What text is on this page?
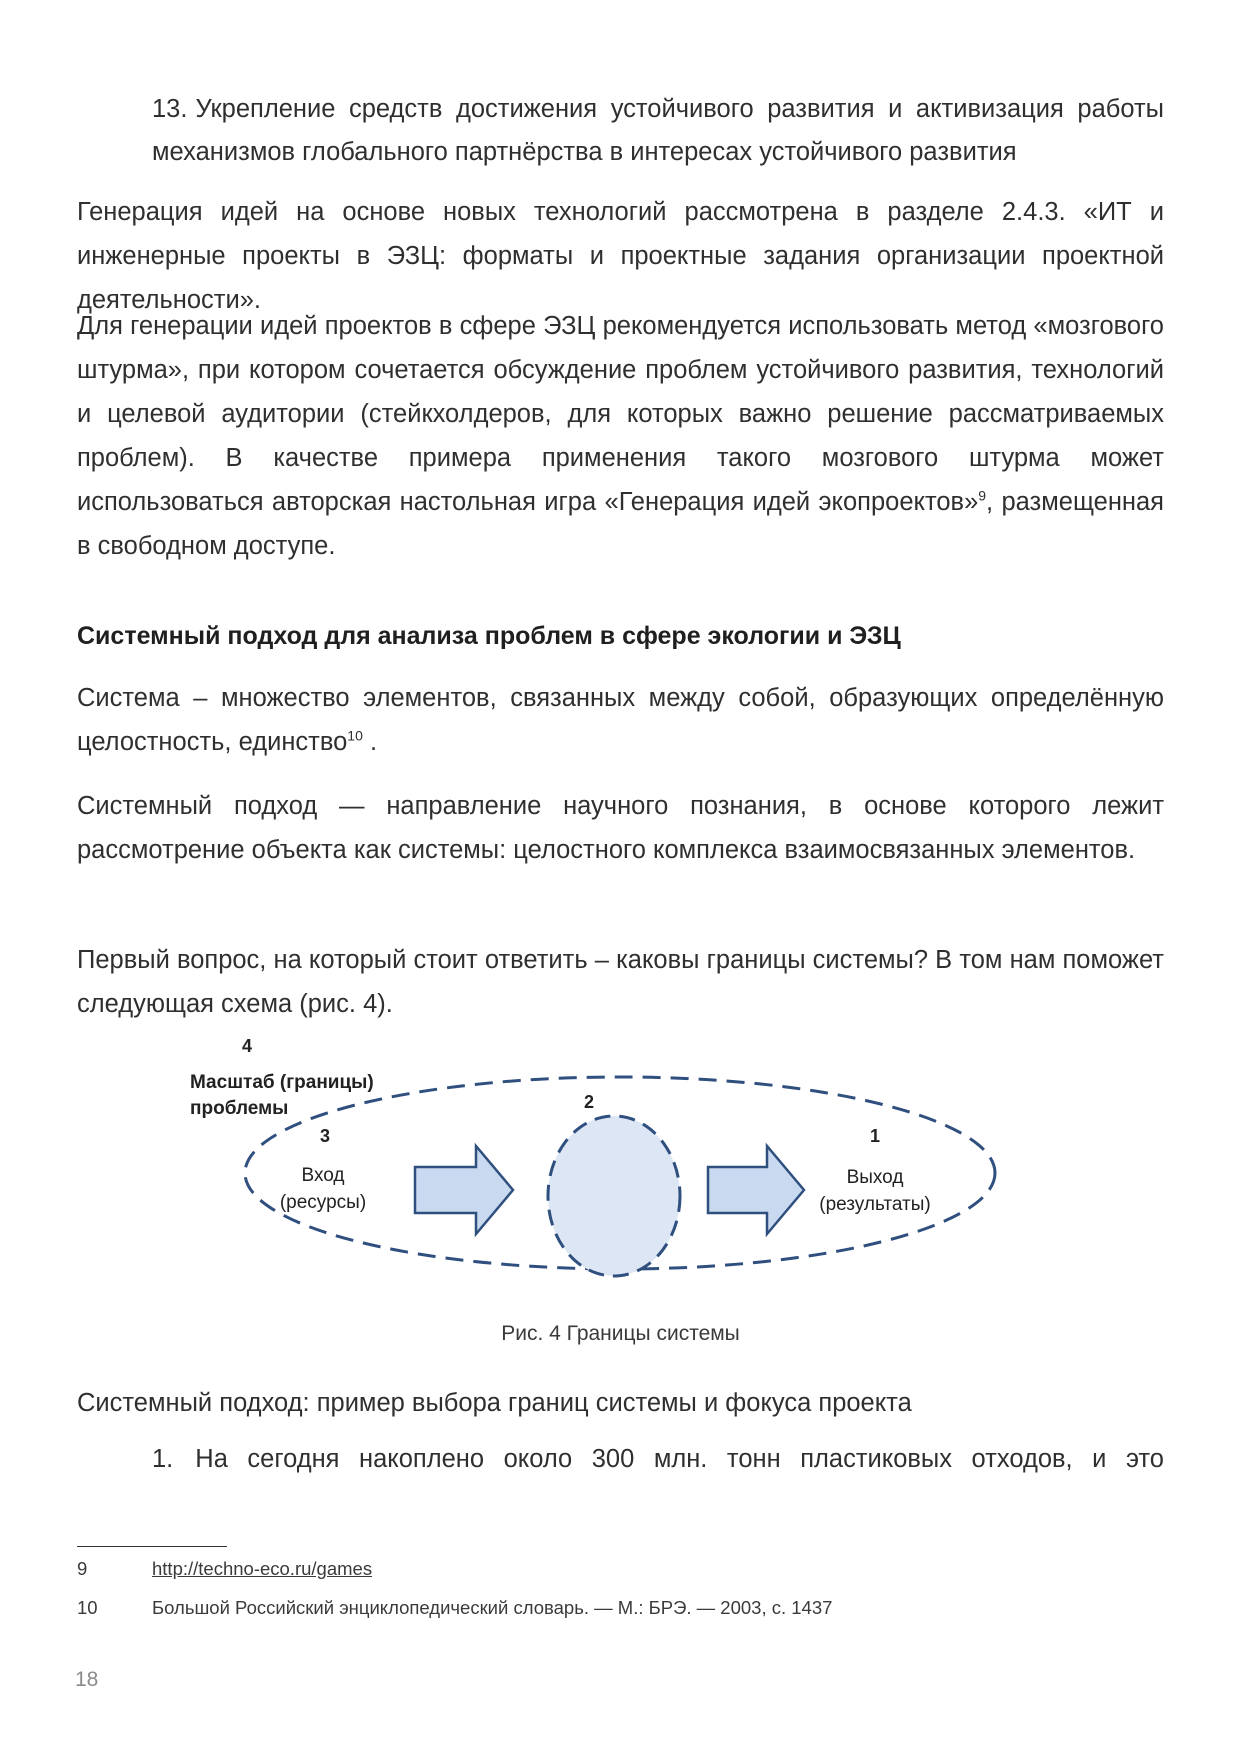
13. Укрепление средств достижения устойчивого развития и активизация работы механизмов глобального партнёрства в интересах устойчивого развития

Генерация идей на основе новых технологий рассмотрена в разделе 2.4.3. «ИТ и инженерные проекты в ЭЗЦ: форматы и проектные задания организации проектной деятельности».

Для генерации идей проектов в сфере ЭЗЦ рекомендуется использовать метод «мозгового штурма», при котором сочетается обсуждение проблем устойчивого развития, технологий и целевой аудитории (стейкхолдеров, для которых важно решение рассматриваемых проблем). В качестве примера применения такого мозгового штурма может использоваться авторская настольная игра «Генерация идей экопроектов»$^9$, размещенная в свободном доступе.

Системный подход для анализа проблем в сфере экологии и ЭЗЦ

Система – множество элементов, связанных между собой, образующих определённую целостность, единство$^{10}$ .

Системный подход — направление научного познания, в основе которого лежит рассмотрение объекта как системы: целостного комплекса взаимосвязанных элементов.

Первый вопрос, на который стоит ответить – каковы границы системы? В том нам поможет следующая схема (рис. 4).

4
Масштаб (границы)
проблемы
3
Вход
(ресурсы)
2
1
Выход
(результаты)
Рис. 4 Границы системы

Системный подход: пример выбора границ системы и фокуса проекта

1. На сегодня накоплено около 300 млн. тонн пластиковых отходов, и это

9	http://techno-eco.ru/games
10	Большой Российский энциклопедический словарь. — М.: БРЭ. — 2003, с. 1437
18
